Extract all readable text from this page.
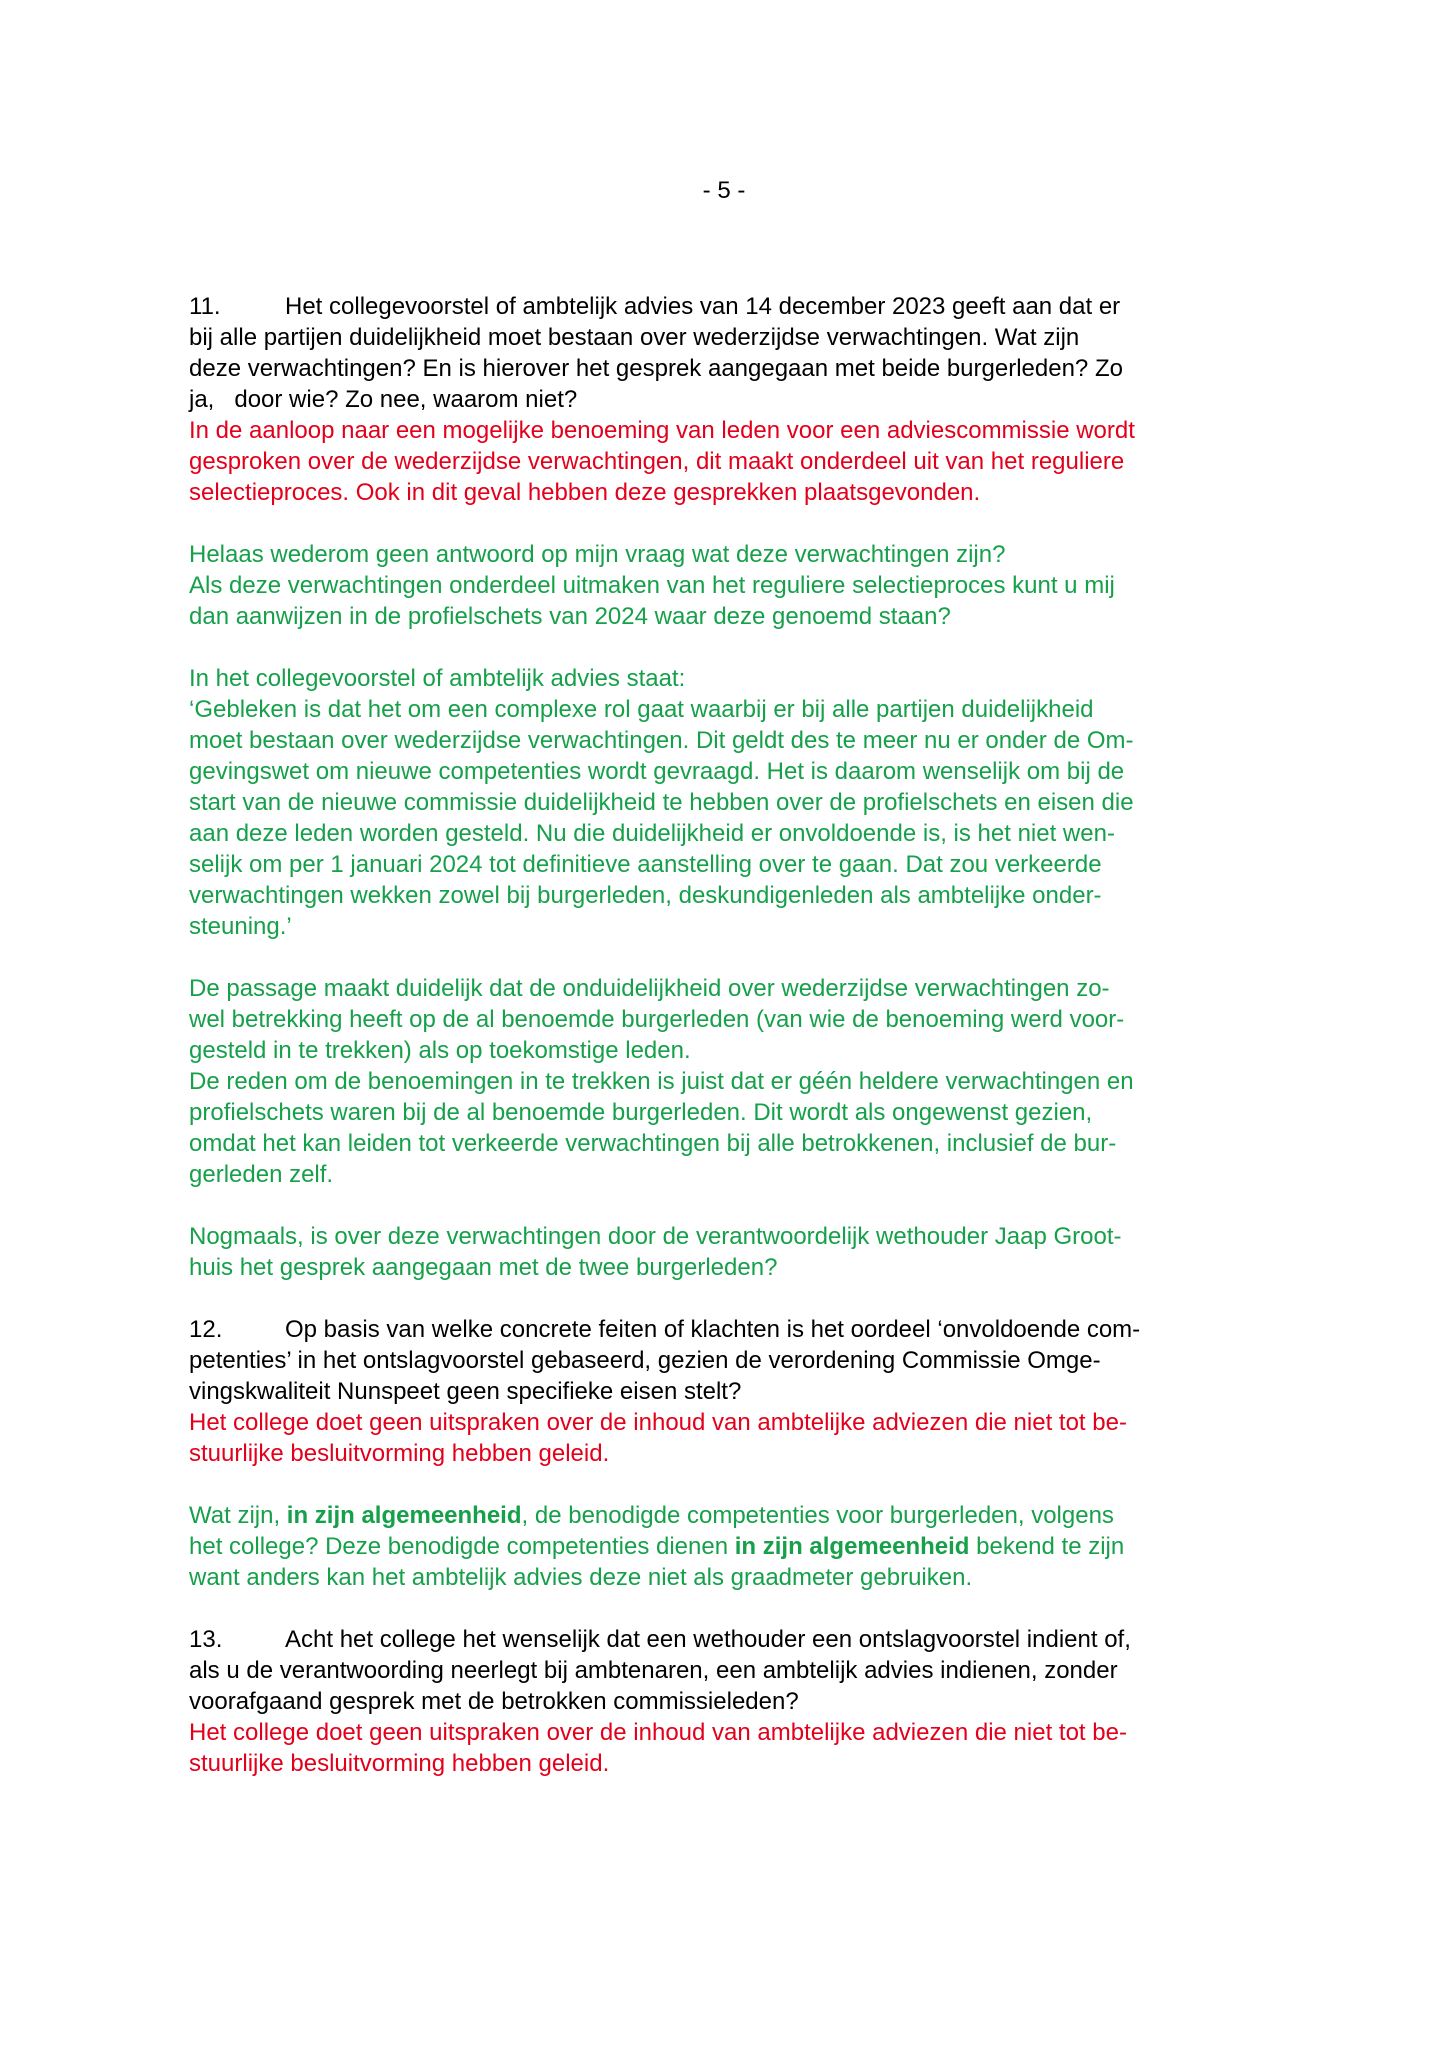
- 5 -
11.	Het collegevoorstel of ambtelijk advies van 14 december 2023 geeft aan dat er
bij alle partijen duidelijkheid moet bestaan over wederzijdse verwachtingen. Wat zijn
deze verwachtingen? En is hierover het gesprek aangegaan met beide burgerleden? Zo
ja,   door wie? Zo nee, waarom niet?
In de aanloop naar een mogelijke benoeming van leden voor een adviescommissie wordt
gesproken over de wederzijdse verwachtingen, dit maakt onderdeel uit van het reguliere
selectieproces. Ook in dit geval hebben deze gesprekken plaatsgevonden.
Helaas wederom geen antwoord op mijn vraag wat deze verwachtingen zijn?
Als deze verwachtingen onderdeel uitmaken van het reguliere selectieproces kunt u mij
dan aanwijzen in de profielschets van 2024 waar deze genoemd staan?
In het collegevoorstel of ambtelijk advies staat:
‘Gebleken is dat het om een complexe rol gaat waarbij er bij alle partijen duidelijkheid
moet bestaan over wederzijdse verwachtingen. Dit geldt des te meer nu er onder de Om-
gevingswet om nieuwe competenties wordt gevraagd. Het is daarom wenselijk om bij de
start van de nieuwe commissie duidelijkheid te hebben over de profielschets en eisen die
aan deze leden worden gesteld. Nu die duidelijkheid er onvoldoende is, is het niet wen-
selijk om per 1 januari 2024 tot definitieve aanstelling over te gaan. Dat zou verkeerde
verwachtingen wekken zowel bij burgerleden, deskundigenleden als ambtelijke onder-
steuning.’
De passage maakt duidelijk dat de onduidelijkheid over wederzijdse verwachtingen zo-
wel betrekking heeft op de al benoemde burgerleden (van wie de benoeming werd voor-
gesteld in te trekken) als op toekomstige leden.
De reden om de benoemingen in te trekken is juist dat er géén heldere verwachtingen en
profielschets waren bij de al benoemde burgerleden. Dit wordt als ongewenst gezien,
omdat het kan leiden tot verkeerde verwachtingen bij alle betrokkenen, inclusief de bur-
gerleden zelf.
Nogmaals, is over deze verwachtingen door de verantwoordelijk wethouder Jaap Groot-
huis het gesprek aangegaan met de twee burgerleden?
12.	Op basis van welke concrete feiten of klachten is het oordeel ‘onvoldoende com-
petenties’ in het ontslagvoorstel gebaseerd, gezien de verordening Commissie Omge-
vingskwaliteit Nunspeet geen specifieke eisen stelt?
Het college doet geen uitspraken over de inhoud van ambtelijke adviezen die niet tot be-
stuurlijke besluitvorming hebben geleid.
Wat zijn, in zijn algemeenheid, de benodigde competenties voor burgerleden, volgens
het college? Deze benodigde competenties dienen in zijn algemeenheid bekend te zijn
want anders kan het ambtelijk advies deze niet als graadmeter gebruiken.
13.	Acht het college het wenselijk dat een wethouder een ontslagvoorstel indient of,
als u de verantwoording neerlegt bij ambtenaren, een ambtelijk advies indienen, zonder
voorafgaand gesprek met de betrokken commissieleden?
Het college doet geen uitspraken over de inhoud van ambtelijke adviezen die niet tot be-
stuurlijke besluitvorming hebben geleid.
